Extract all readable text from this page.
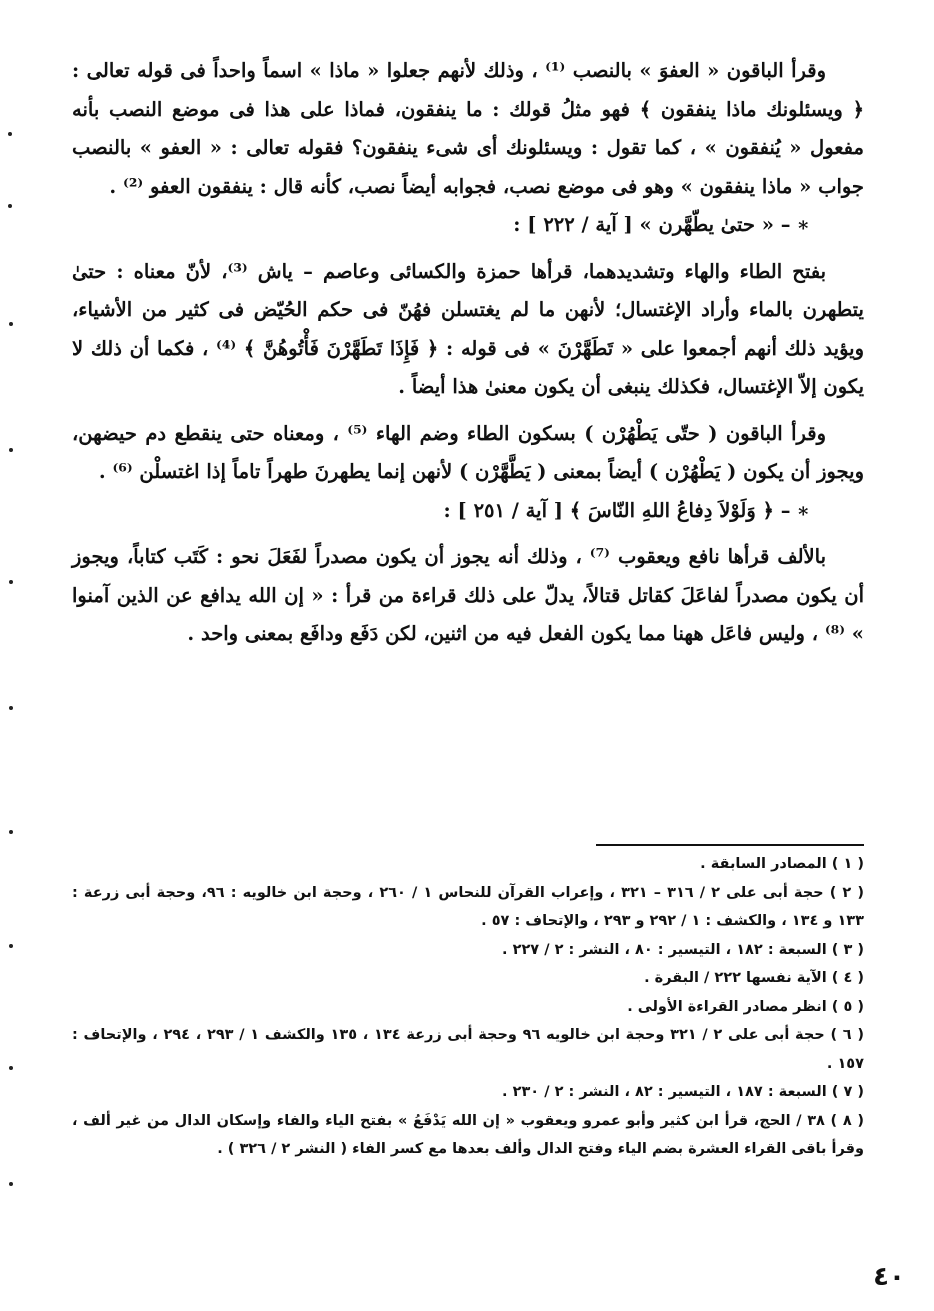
وقرأ الباقون « العفوَ » بالنصب ⁽¹⁾ ، وذلك لأنهم جعلوا « ماذا » اسماً واحداً فى قوله تعالى : ﴿ ويسئلونك ماذا ينفقون ﴾ فهو مثلُ قولك : ما ينفقون، فماذا على هذا فى موضع النصب بأنه مفعول « يُنفقون » ، كما تقول : ويسئلونك أى شىء ينفقون؟ فقوله تعالى : « العفو » بالنصب جواب « ماذا ينفقون » وهو فى موضع نصب، فجوابه أيضاً نصب، كأنه قال : ينفقون العفو ⁽²⁾ .

∗– « حتىٰ يطّهَّرن » [ آية / ٢٢٢ ] :

بفتح الطاء والهاء وتشديدهما، قرأها حمزة والكسائى وعاصم – ياش ⁽³⁾، لأنّ معناه : حتىٰ يتطهرن بالماء وأراد الإغتسال؛ لأنهن ما لم يغتسلن فهُنّ فى حكم الحُيّض فى كثير من الأشياء، ويؤيد ذلك أنهم أجمعوا على « تَطَهَّرْنَ » فى قوله : ﴿ فَإِذَا تَطَهَّرْنَ فَأْتُوهُنَّ ﴾ ⁽⁴⁾ ، فكما أن ذلك لا يكون إلاّ الإغتسال، فكذلك ينبغى أن يكون معنىٰ هذا أيضاً .

وقرأ الباقون ( حتّى يَطْهُرْن ) بسكون الطاء وضم الهاء ⁽⁵⁾ ، ومعناه حتى ينقطع دم حيضهن، ويجوز أن يكون ( يَطْهُرْن ) أيضاً بمعنى ( يَطَّهَّرْن ) لأنهن إنما يطهرنَ طهراً تاماً إذا اغتسلْن ⁽⁶⁾ .

∗– ﴿ وَلَوْلاَ دِفاعُ اللهِ النّاسَ ﴾ [ آية / ٢٥١ ] :

بالألف قرأها نافع ويعقوب ⁽⁷⁾ ، وذلك أنه يجوز أن يكون مصدراً لفَعَلَ نحو : كَتَب كتاباً، ويجوز أن يكون مصدراً لفاعَلَ كقاتل قتالاً، يدلّ على ذلك قراءة من قرأ : « إن الله يدافع عن الذين آمنوا » ⁽⁸⁾ ، وليس فاعَل ههنا مما يكون الفعل فيه من اثنين، لكن دَفَع ودافَع بمعنى واحد .

( ١ ) المصادر السابقة .
( ٢ ) حجة أبى على ٢ / ٣١٦ – ٣٢١ ، وإعراب القرآن للنحاس ١ / ٢٦٠ ، وحجة ابن خالويه : ٩٦، وحجة أبى زرعة : ١٣٣ و ١٣٤ ، والكشف : ١ / ٢٩٢ و ٢٩٣ ، والإتحاف : ٥٧ .
( ٣ ) السبعة : ١٨٢ ، التيسير : ٨٠ ، النشر : ٢ / ٢٢٧ .
( ٤ ) الآية نفسها ٢٢٢ / البقرة .
( ٥ ) انظر مصادر القراءة الأولى .
( ٦ ) حجة أبى على ٢ / ٣٢١ وحجة ابن خالويه ٩٦ وحجة أبى زرعة ١٣٤ ، ١٣٥ والكشف ١ / ٢٩٣ ، ٢٩٤ ، والإتحاف : ١٥٧ .
( ٧ ) السبعة : ١٨٧ ، التيسير : ٨٢ ، النشر : ٢ / ٢٣٠ .
( ٨ ) ٣٨ / الحج، قرأ ابن كثير وأبو عمرو ويعقوب « إن الله يَدْفَعُ » بفتح الياء والفاء وإسكان الدال من غير ألف ، وقرأ باقى القراء العشرة بضم الياء وفتح الدال وألف بعدها مع كسر الفاء ( النشر ٢ / ٣٢٦ ) .
٤٠
